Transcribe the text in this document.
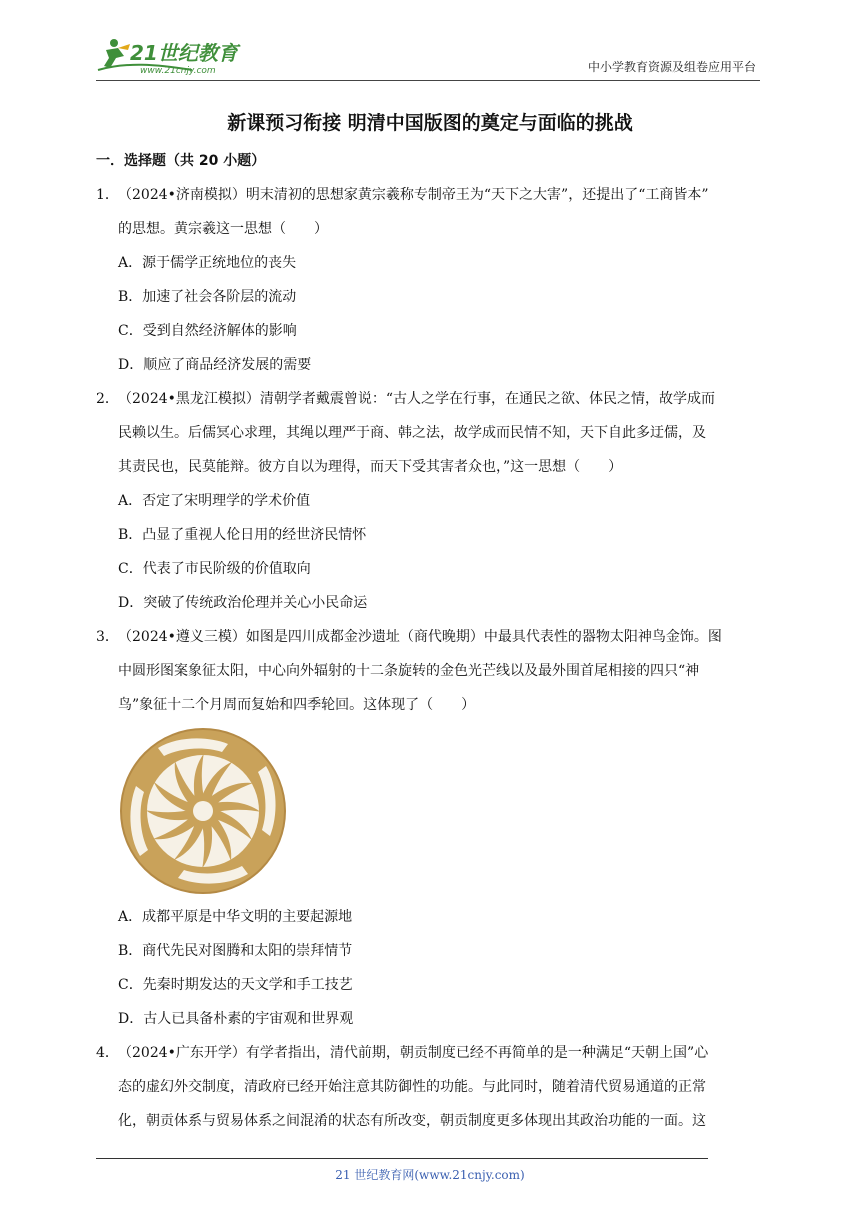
21世纪教育
www.21cnjy.com	中小学教育资源及组卷应用平台
新课预习衔接 明清中国版图的奠定与面临的挑战
一．选择题（共 20 小题）
1．（2024•济南模拟）明末清初的思想家黄宗羲称专制帝王为“天下之大害”，还提出了“工商皆本”
的思想。黄宗羲这一思想（　　）
A．源于儒学正统地位的丧失
B．加速了社会各阶层的流动
C．受到自然经济解体的影响
D．顺应了商品经济发展的需要
2．（2024•黑龙江模拟）清朝学者戴震曾说：“古人之学在行事，在通民之欲、体民之情，故学成而
民赖以生。后儒冥心求理，其绳以理严于商、韩之法，故学成而民情不知，天下自此多迂儒，及
其责民也，民莫能辩。彼方自以为理得，而天下受其害者众也，”这一思想（　　）
A．否定了宋明理学的学术价值
B．凸显了重视人伦日用的经世济民情怀
C．代表了市民阶级的价值取向
D．突破了传统政治伦理并关心小民命运
3．（2024•遵义三模）如图是四川成都金沙遗址（商代晚期）中最具代表性的器物太阳神鸟金饰。图
中圆形图案象征太阳，中心向外辐射的十二条旋转的金色光芒线以及最外围首尾相接的四只“神
鸟”象征十二个月周而复始和四季轮回。这体现了（　　）
A．成都平原是中华文明的主要起源地
B．商代先民对图腾和太阳的崇拜情节
C．先秦时期发达的天文学和手工技艺
D．古人已具备朴素的宇宙观和世界观
4．（2024•广东开学）有学者指出，清代前期，朝贡制度已经不再简单的是一种满足“天朝上国”心
态的虚幻外交制度，清政府已经开始注意其防御性的功能。与此同时，随着清代贸易通道的正常
化，朝贡体系与贸易体系之间混淆的状态有所改变，朝贡制度更多体现出其政治功能的一面。这
21 世纪教育网(www.21cnjy.com)
